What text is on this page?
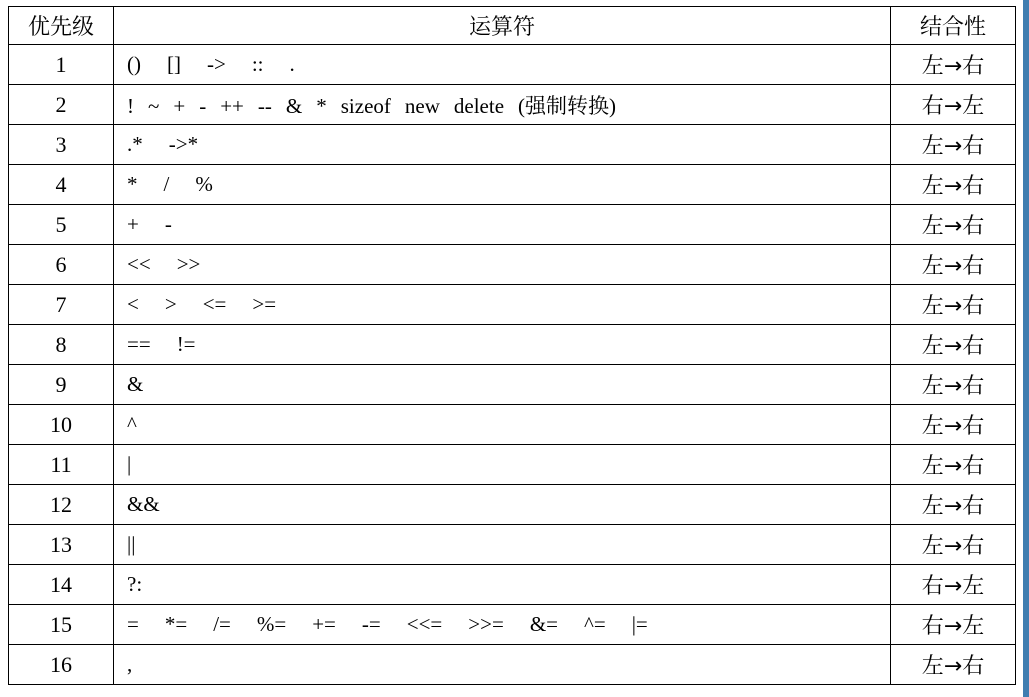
优先级	运算符	结合性
1	() [] -> :: .	左→右
2	! ~ + - ++ -- & * sizeof new delete (强制转换)	右→左
3	.* ->*	左→右
4	* / %	左→右
5	+ -	左→右
6	<< >>	左→右
7	< > <= >=	左→右
8	== !=	左→右
9	&	左→右
10	^	左→右
11	|	左→右
12	&&	左→右
13	||	左→右
14	?:	右→左
15	= *= /= %= += -= <<= >>= &= ^= |=	右→左
16	,	左→右
